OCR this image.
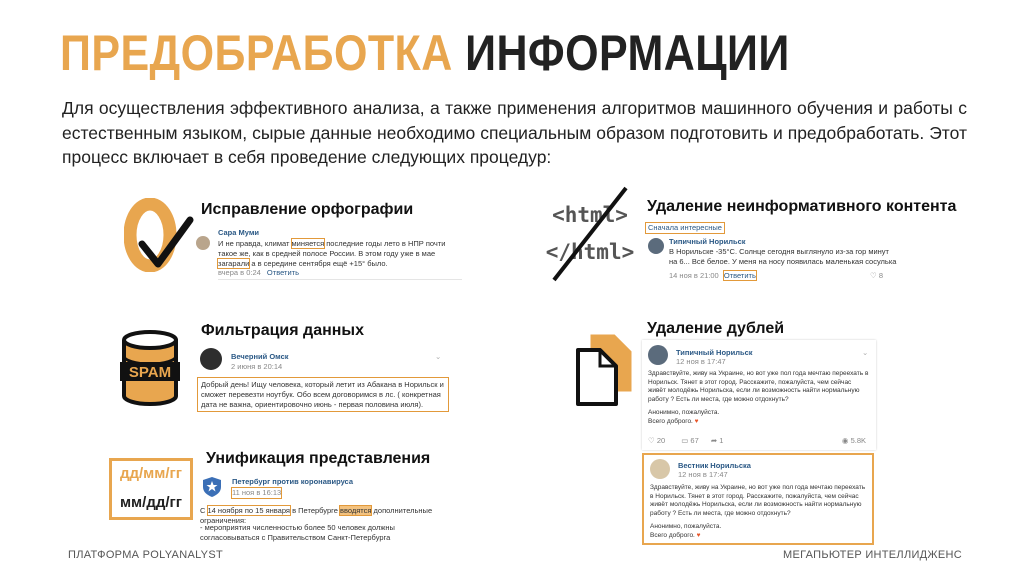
ПРЕДОБРАБОТКА ИНФОРМАЦИИ
Для осуществления эффективного анализа, а также применения алгоритмов машинного обучения и работы с естественным языком, сырые данные необходимо специальным образом подготовить и предобработать. Этот процесс включает в себя проведение следующих процедур:
Исправление орфографии
Сара Муми
И не правда, климат миняется последние годы лето в НПР почти такое же, как в средней полосе России. В этом году уже в мае загарали а в середине сентября ещё +15° было.
вчера в 0:24 Ответить
<html>
</html>
Удаление неинформативного контента
Сначала интересные
Типичный Норильск
В Норильске -35°C. Солнце сегодня выглянуло из-за гор минут на 6... Всё белое. У меня на носу появилась маленькая сосулька
14 ноя в 21:00 Ответить	♡ 8
SPAM
Фильтрация данных
Вечерний Омск
2 июня в 20:14
⌄
Добрый день! Ищу человека, который летит из Абакана в Норильск и сможет перевезти ноутбук. Обо всем договоримся в лс. ( конкретная дата не важна, ориентировочно июнь - первая половина июля).
дд/мм/гг
мм/дд/гг
Унификация представления
Петербург против коронавируса
11 ноя в 16:13
С 14 ноября по 15 января в Петербурге вводятся дополнительные ограничения:
- мероприятия численностью более 50 человек должны согласовываться с Правительством Санкт-Петербурга
Удаление дублей
Типичный Норильск
12 ноя в 17:47
⌄
Здравствуйте, живу на Украине, но вот уже пол года мечтаю переехать в Норильск. Тянет в этот город. Расскажите, пожалуйста, чем сейчас живёт молодёжь Норильска, если ли возможность найти нормальную работу ? Есть ли места, где можно отдохнуть?
Анонимно, пожалуйста.
Всего доброго. ♥
♡ 20 ▭ 67 ➦ 1	◉ 5.8K
Вестник Норильска
12 ноя в 17:47
Здравствуйте, живу на Украине, но вот уже пол года мечтаю переехать в Норильск. Тянет в этот город. Расскажите, пожалуйста, чем сейчас живёт молодёжь Норильска, если ли возможность найти нормальную работу ? Есть ли места, где можно отдохнуть?
Анонимно, пожалуйста.
Всего доброго. ♥
ПЛАТФОРМА POLYANALYST	МЕГАПЬЮТЕР ИНТЕЛЛИДЖЕНС
